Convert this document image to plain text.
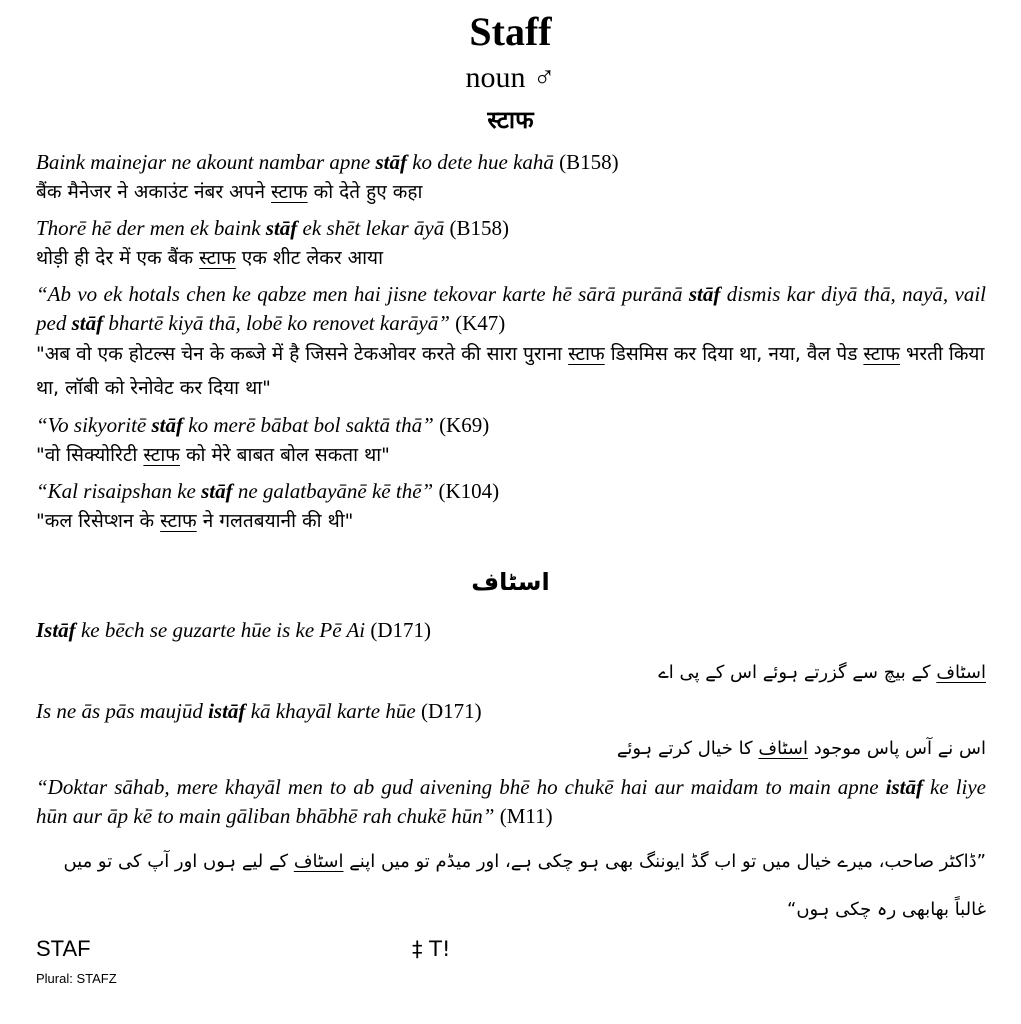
Staff
noun ♂
स्टाफ
Baink mainejar ne akount nambar apne stāf ko dete hue kahā (B158)
बैंक मैनेजर ने अकाउंट नंबर अपने स्टाफ को देते हुए कहा
Thorē hē der men ek baink stāf ek shēt lekar āyā (B158)
थोड़ी ही देर में एक बैंक स्टाफ एक शीट लेकर आया
“Ab vo ek hotals chen ke qabze men hai jisne tekovar karte hē sārā purānā stāf dismis kar diyā thā, nayā, vail ped stāf bhartē kiyā thā, lobē ko renovet karāyā” (K47)
"अब वो एक होटल्स चेन के कब्जे में है जिसने टेकओवर करते की सारा पुराना स्टाफ डिसमिस कर दिया था, नया, वैल पेड स्टाफ भरती किया था, लॉबी को रेनोवेट कर दिया था"
“Vo sikyoritē stāf ko merē bābat bol saktā thā” (K69)
"वो सिक्योरिटी स्टाफ को मेरे बाबत बोल सकता था"
“Kal risaipshan ke stāf ne galatbayānē kē thē” (K104)
"कल रिसेप्शन के स्टाफ ने गलतबयानी की थी"
اسٹاف
Istāf ke bēch se guzarte hūe is ke Pē Ai (D171)
اسٹاف کے بیچ سے گزرتے ہوئے اس کے پی اے
Is ne ās pās maujūd istāf kā khayāl karte hūe (D171)
اس نے آس پاس موجود اسٹاف کا خیال کرتے ہوئے
“Doktar sāhab, mere khayāl men to ab gud aivening bhē ho chukē hai aur maidam to main apne istāf ke liye hūn aur āp kē to main gāliban bhābhē rah chukē hūn” (M11)
”ڈاکٹر صاحب، میرے خیال میں تو اب گڈ ایوننگ بھی ہو چکی ہے، اور میڈم تو میں اپنے اسٹاف کے لیے ہوں اور آپ کی تو میں غالباً بھابھی رہ چکی ہوں“
STAF
Plural: STAFZ
‡ T!
